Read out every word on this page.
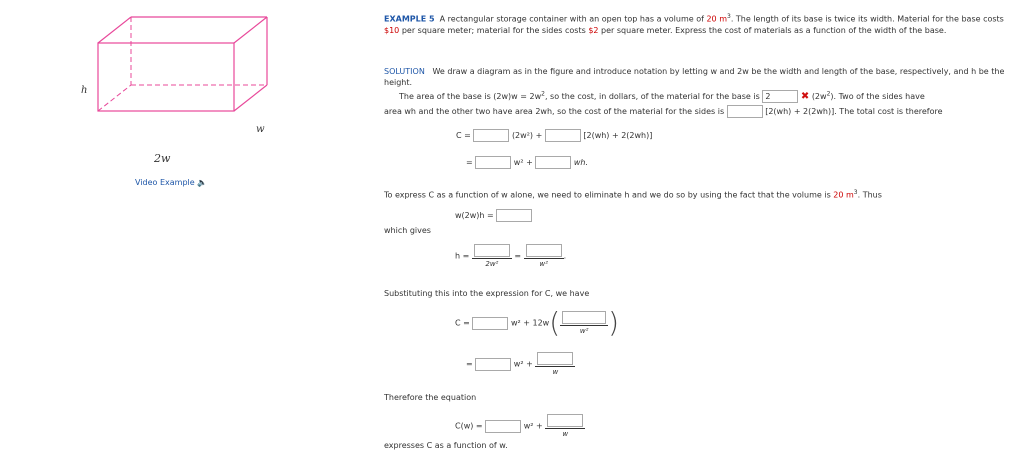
h
w
2w
Video Example 🔈
EXAMPLE 5 A rectangular storage container with an open top has a volume of 20 $m^3$. The length of its base is twice its width. Material for the base costs $10 per square meter; material for the sides costs $2 per square meter. Express the cost of materials as a function of the width of the base.
SOLUTION We draw a diagram as in the figure and introduce notation by letting w and 2w be the width and length of the base, respectively, and h be the height.
The area of the base is $(2w)w = 2w^2$, so the cost, in dollars, of the material for the base is 2	✖ $(2w^2)$. Two of the sides have
area wh and the other two have area 2wh, so the cost of the material for the sides is	[2(wh) + 2(2wh)]. The total cost is therefore
C =	(2w²) +	[2(wh) + 2(2wh)]
=	w² +	wh.
To express C as a function of w alone, we need to eliminate h and we do so by using the fact that the volume is 20 $m^3$. Thus
w(2w)h =
which gives
h =
2w²
=
w²
.
Substituting this into the expression for C, we have
C =	w² + 12w(	w² )
=	w² +
w
Therefore the equation
C(w) =	w² +
w
expresses C as a function of w.
